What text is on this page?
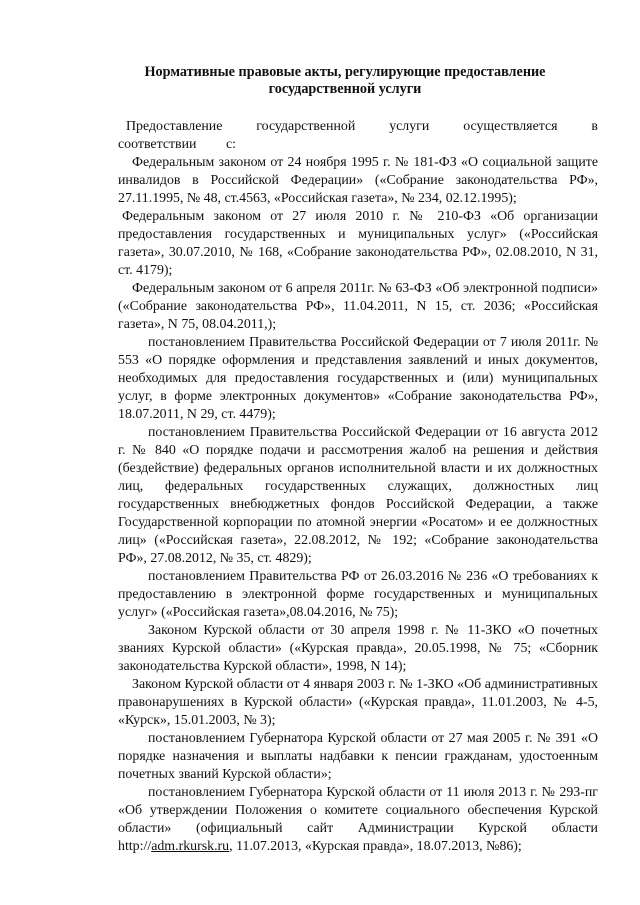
Нормативные правовые акты, регулирующие предоставление
государственной услуги

Предоставление государственной услуги осуществляется в соответствии с:

Федеральным законом от 24 ноября 1995 г. № 181-ФЗ «О социальной защите инвалидов в Российской Федерации» («Собрание законодательства РФ», 27.11.1995, № 48, ст.4563, «Российская газета», № 234, 02.12.1995);

Федеральным законом от 27 июля 2010 г. № 210-ФЗ «Об организации предоставления государственных и муниципальных услуг» («Российская газета», 30.07.2010, № 168, «Собрание законодательства РФ», 02.08.2010, N 31, ст. 4179);

Федеральным законом от 6 апреля 2011г. № 63-ФЗ «Об электронной подписи» («Собрание законодательства РФ», 11.04.2011, N 15, ст. 2036; «Российская газета», N 75, 08.04.2011,);

постановлением Правительства Российской Федерации от 7 июля 2011г. № 553 «О порядке оформления и представления заявлений и иных документов, необходимых для предоставления государственных и (или) муниципальных услуг, в форме электронных документов» «Собрание законодательства РФ», 18.07.2011, N 29, ст. 4479);

постановлением Правительства Российской Федерации от 16 августа 2012 г. № 840 «О порядке подачи и рассмотрения жалоб на решения и действия (бездействие) федеральных органов исполнительной власти и их должностных лиц, федеральных государственных служащих, должностных лиц государственных внебюджетных фондов Российской Федерации, а также Государственной корпорации по атомной энергии «Росатом» и ее должностных лиц» («Российская газета», 22.08.2012, № 192; «Собрание законодательства РФ», 27.08.2012, № 35, ст. 4829);

постановлением Правительства РФ от 26.03.2016 № 236 «О требованиях к предоставлению в электронной форме государственных и муниципальных услуг» («Российская газета»,08.04.2016, № 75);

Законом Курской области от 30 апреля 1998 г. № 11-ЗКО «О почетных званиях Курской области» («Курская правда», 20.05.1998, № 75; «Сборник законодательства Курской области», 1998, N 14);

Законом Курской области от 4 января 2003 г. № 1-ЗКО «Об административных правонарушениях в Курской области» («Курская правда», 11.01.2003, № 4-5, «Курск», 15.01.2003, № 3);

постановлением Губернатора Курской области от 27 мая 2005 г. № 391 «О порядке назначения и выплаты надбавки к пенсии гражданам, удостоенным почетных званий Курской области»;

постановлением Губернатора Курской области от 11 июля 2013 г. № 293-пг «Об утверждении Положения о комитете социального обеспечения Курской области» (официальный сайт Администрации Курской области http://adm.rkursk.ru, 11.07.2013, «Курская правда», 18.07.2013, №86);
